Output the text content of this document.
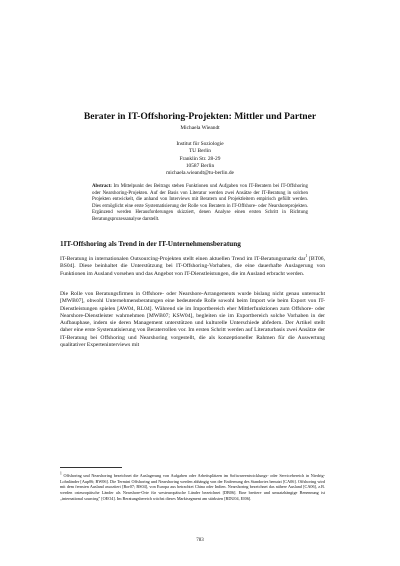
Berater in IT-Offshoring-Projekten: Mittler und Partner
Michaela Wieandt
Institut für Soziologie
TU Berlin
Franklin Str. 28-29
10587 Berlin
michaela.wieandt@tu-berlin.de
Abstract: Im Mittelpunkt des Beitrags stehen Funktionen und Aufgaben von IT-Beratern bei IT-Offshoring oder Nearshoring-Projekten. Auf der Basis von Literatur werden zwei Ansätze der IT-Beratung in solchen Projekten entwickelt, die anhand von Interviews mit Beratern und Projektleitern empirisch gefüllt werden. Dies ermöglicht eine erste Systematisierung der Rolle von Beratern in IT-Offshore- oder Nearshoreprojekten. Ergänzend werden Herausforderungen skizziert, denen Analyse einen ersten Schritt in Richtung Beratungsprozessanalyse darstellt.
1IT-Offshoring als Trend in der IT-Unternehmensberatung
IT-Beratung in internationalen Outsourcing-Projekten stellt einen aktuellen Trend im IT-Beratungsmarkt dar$^1$ [BT06, BS04]. Diese beinhaltet die Unterstützung bei IT-Offshoring-Vorhaben, die eine dauerhafte Auslagerung von Funktionen im Ausland vorsehen und das Angebot von IT-Dienstleistungen, die im Ausland erbracht werden.
Die Rolle von Beratungsfirmen in Offshore- oder Nearshore-Arrangements wurde bislang nicht genau untersucht [MWB07], obwohl Unternehmensberatungen eine bedeutende Rolle sowohl beim Import wie beim Export von IT-Dienstleistungen spielen [AW04, RL04]. Während sie im Importbereich eher Mittlerfunktionen zum Offshore- oder Nearshore-Dienstleister wahrnehmen [MWB07; KSW04], begleiten sie im Exportbereich solche Vorhaben in der Aufbauphase, indem sie deren Management unterstützen und kulturelle Unterschiede abfedern. Der Artikel stellt daher eine erste Systematisierung von Beraterrollen vor. Im ersten Schritt werden auf Literaturbasis zwei Ansätze der IT-Beratung bei Offshoring und Nearshoring vorgestellt, die als konzeptioneller Rahmen für die Auswertung qualitativer Experteninterviews mit
1 Offshoring und Nearshoring bezeichnet die Auslagerung von Aufgaben oder Arbeitsplätzen im Softwareentwicklungs- oder Servicebereich in Niedrig-Lohnländer [Aup06; BW06]. Die Termini Offshoring und Nearshoring werden abhängig von der Entfernung des Standortes benutzt [CA06]. Offshoring wird mit dem fernsten Ausland assoziiert [Bor07; BS04], von Europa aus betrachtet China oder Indien. Nearshoring bezeichnet das nähere Ausland [CA06], z.B. werden osteuropäische Länder als Nearshore-Orte für westeuropäische Länder bezeichnet [DB06]. Eine breitere und umsatzhängige Benennung ist „international sourcing" [OEO4]. Im Beratungsbereich wächst dieses Marktsegment am stärksten [BDU04, EI06].
783
